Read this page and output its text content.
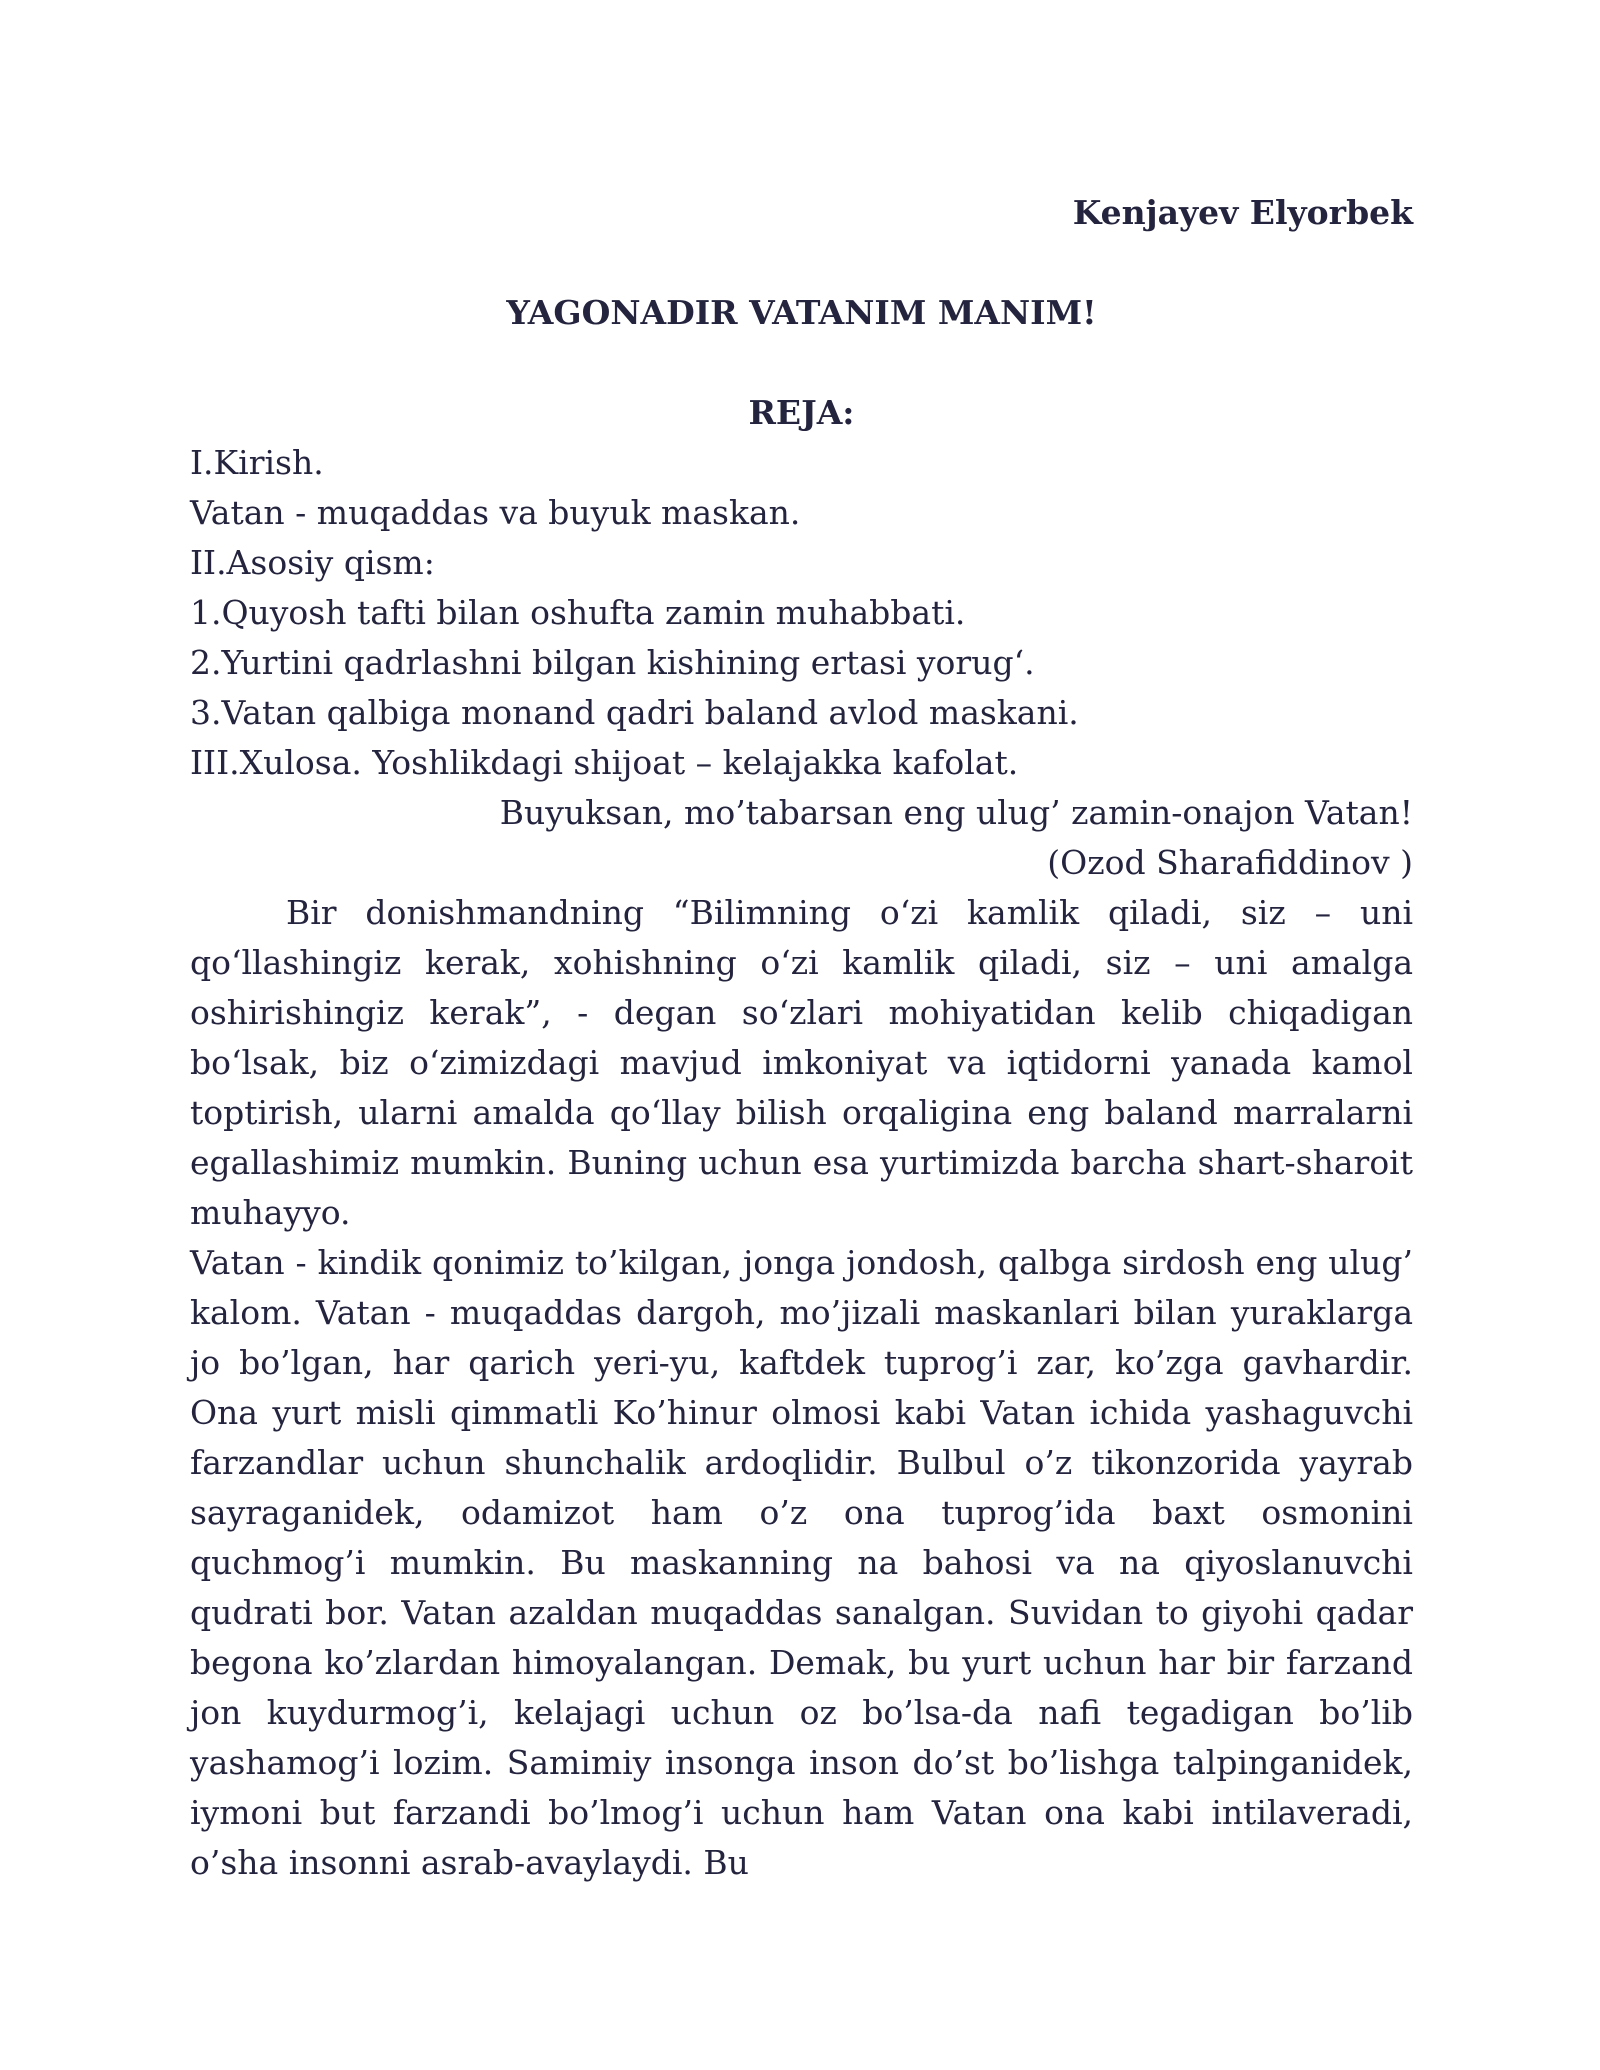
Kenjayev Elyorbek

YAGONADIR VATANIM MANIM!

REJA:

I.Kirish.
Vatan - muqaddas va buyuk maskan.
II.Asosiy qism:
1.Quyosh tafti bilan oshufta zamin muhabbati.
2.Yurtini qadrlashni bilgan kishining ertasi yorug‘.
3.Vatan qalbiga monand qadri baland avlod maskani.
III.Xulosa. Yoshlikdagi shijoat – kelajakka kafolat.

Buyuksan, mo’tabarsan eng ulug’ zamin-onajon Vatan!

(Ozod Sharafiddinov )

Bir donishmandning “Bilimning o‘zi kamlik qiladi, siz – uni qo‘llashingiz kerak, xohishning o‘zi kamlik qiladi, siz – uni amalga oshirishingiz kerak”, - degan so‘zlari mohiyatidan kelib chiqadigan bo‘lsak, biz o‘zimizdagi mavjud imkoniyat va iqtidorni yanada kamol toptirish, ularni amalda qo‘llay bilish orqaligina eng baland marralarni egallashimiz mumkin. Buning uchun esa yurtimizda barcha shart-sharoit muhayyo.

Vatan - kindik qonimiz to’kilgan, jonga jondosh, qalbga sirdosh eng ulug’ kalom. Vatan - muqaddas dargoh, mo’jizali maskanlari bilan yuraklarga jo bo’lgan, har qarich yeri-yu, kaftdek tuprog’i zar, ko’zga gavhardir. Ona yurt misli qimmatli Ko’hinur olmosi kabi Vatan ichida yashaguvchi farzandlar uchun shunchalik ardoqlidir. Bulbul o’z tikonzorida yayrab sayraganidek, odamizot ham o’z ona tuprog’ida baxt osmonini quchmog’i mumkin. Bu maskanning na bahosi va na qiyoslanuvchi qudrati bor. Vatan azaldan muqaddas sanalgan. Suvidan to giyohi qadar begona ko’zlardan himoyalangan. Demak, bu yurt uchun har bir farzand jon kuydurmog’i, kelajagi uchun oz bo’lsa-da nafi tegadigan bo’lib yashamog’i lozim. Samimiy insonga inson do’st bo’lishga talpinganidek, iymoni but farzandi bo’lmog’i uchun ham Vatan ona kabi intilaveradi, o’sha insonni asrab-avaylaydi. Bu
